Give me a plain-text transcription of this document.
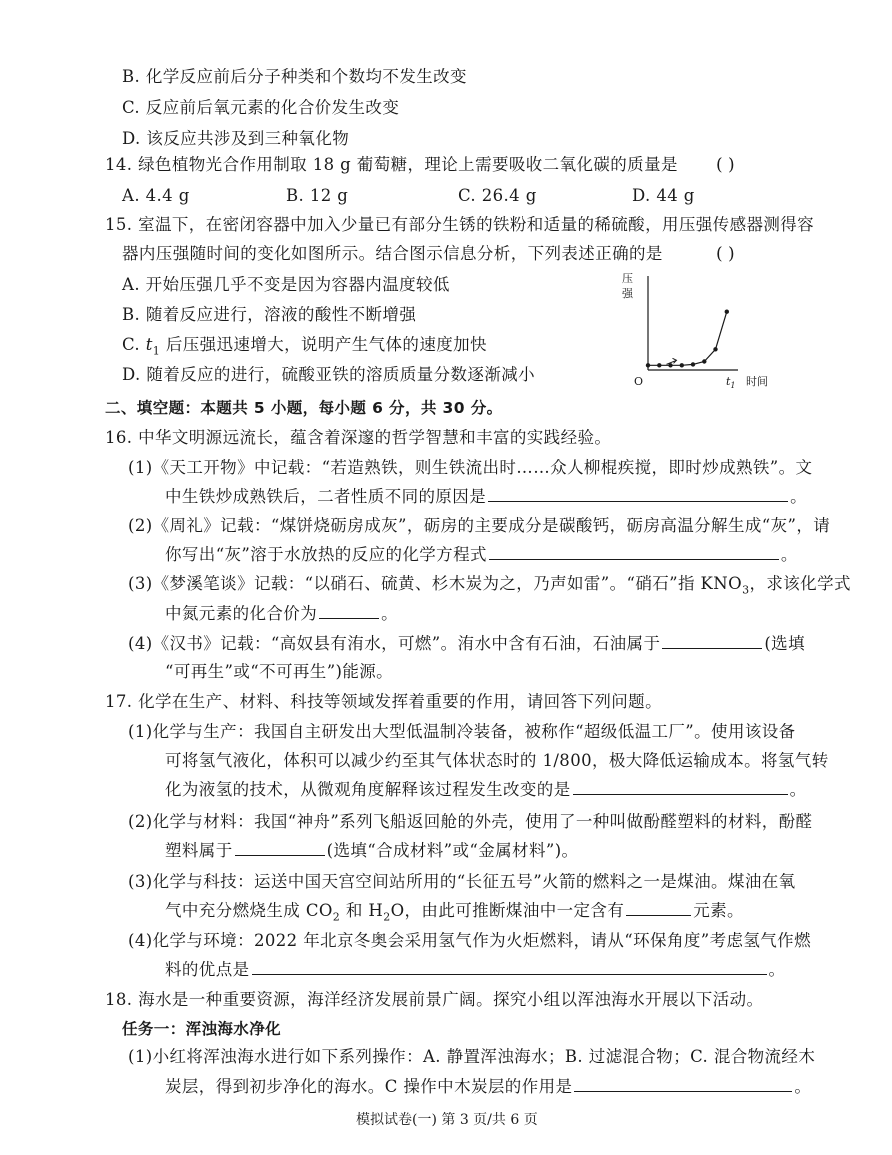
B. 化学反应前后分子种类和个数均不发生改变
C. 反应前后氧元素的化合价发生改变
D. 该反应共涉及到三种氧化物
14. 绿色植物光合作用制取 18 g 葡萄糖，理论上需要吸收二氧化碳的质量是 ( )
A. 4.4 g	B. 12 g	C. 26.4 g	D. 44 g
15. 室温下，在密闭容器中加入少量已有部分生锈的铁粉和适量的稀硫酸，用压强传感器测得容
器内压强随时间的变化如图所示。结合图示信息分析，下列表述正确的是	( )
A. 开始压强几乎不变是因为容器内温度较低
B. 随着反应进行，溶液的酸性不断增强
C. $t_1$ 后压强迅速增大，说明产生气体的速度加快
D. 随着反应的进行，硫酸亚铁的溶质质量分数逐渐减小
压
强
O	$t_1$ 时间
二、填空题：本题共 5 小题，每小题 6 分，共 30 分。
16. 中华文明源远流长，蕴含着深邃的哲学智慧和丰富的实践经验。
(1)《天工开物》中记载：“若造熟铁，则生铁流出时……众人柳棍疾搅，即时炒成熟铁”。文
中生铁炒成熟铁后，二者性质不同的原因是	。
(2)《周礼》记载：“煤饼烧砺房成灰”，砺房的主要成分是碳酸钙，砺房高温分解生成“灰”，请
你写出“灰”溶于水放热的反应的化学方程式	。
(3)《梦溪笔谈》记载：“以硝石、硫黄、杉木炭为之，乃声如雷”。“硝石”指 $KNO_3$，求该化学式
中氮元素的化合价为	。
(4)《汉书》记载：“高奴县有洧水，可燃”。洧水中含有石油，石油属于	(选填
“可再生”或“不可再生”)能源。
17. 化学在生产、材料、科技等领域发挥着重要的作用，请回答下列问题。
(1)化学与生产：我国自主研发出大型低温制冷装备，被称作“超级低温工厂”。使用该设备
可将氢气液化，体积可以减少约至其气体状态时的 1/800，极大降低运输成本。将氢气转
化为液氢的技术，从微观角度解释该过程发生改变的是	。
(2)化学与材料：我国“神舟”系列飞船返回舱的外壳，使用了一种叫做酚醛塑料的材料，酚醛
塑料属于	(选填“合成材料”或“金属材料”)。
(3)化学与科技：运送中国天宫空间站所用的“长征五号”火箭的燃料之一是煤油。煤油在氧
气中充分燃烧生成 $CO_2$ 和 $H_2O$，由此可推断煤油中一定含有	元素。
(4)化学与环境：2022 年北京冬奥会采用氢气作为火炬燃料，请从“环保角度”考虑氢气作燃
料的优点是	。
18. 海水是一种重要资源，海洋经济发展前景广阔。探究小组以浑浊海水开展以下活动。
任务一：浑浊海水净化
(1)小红将浑浊海水进行如下系列操作：A. 静置浑浊海水；B. 过滤混合物；C. 混合物流经木
炭层，得到初步净化的海水。C 操作中木炭层的作用是	。
模拟试卷(一) 第 3 页/共 6 页
